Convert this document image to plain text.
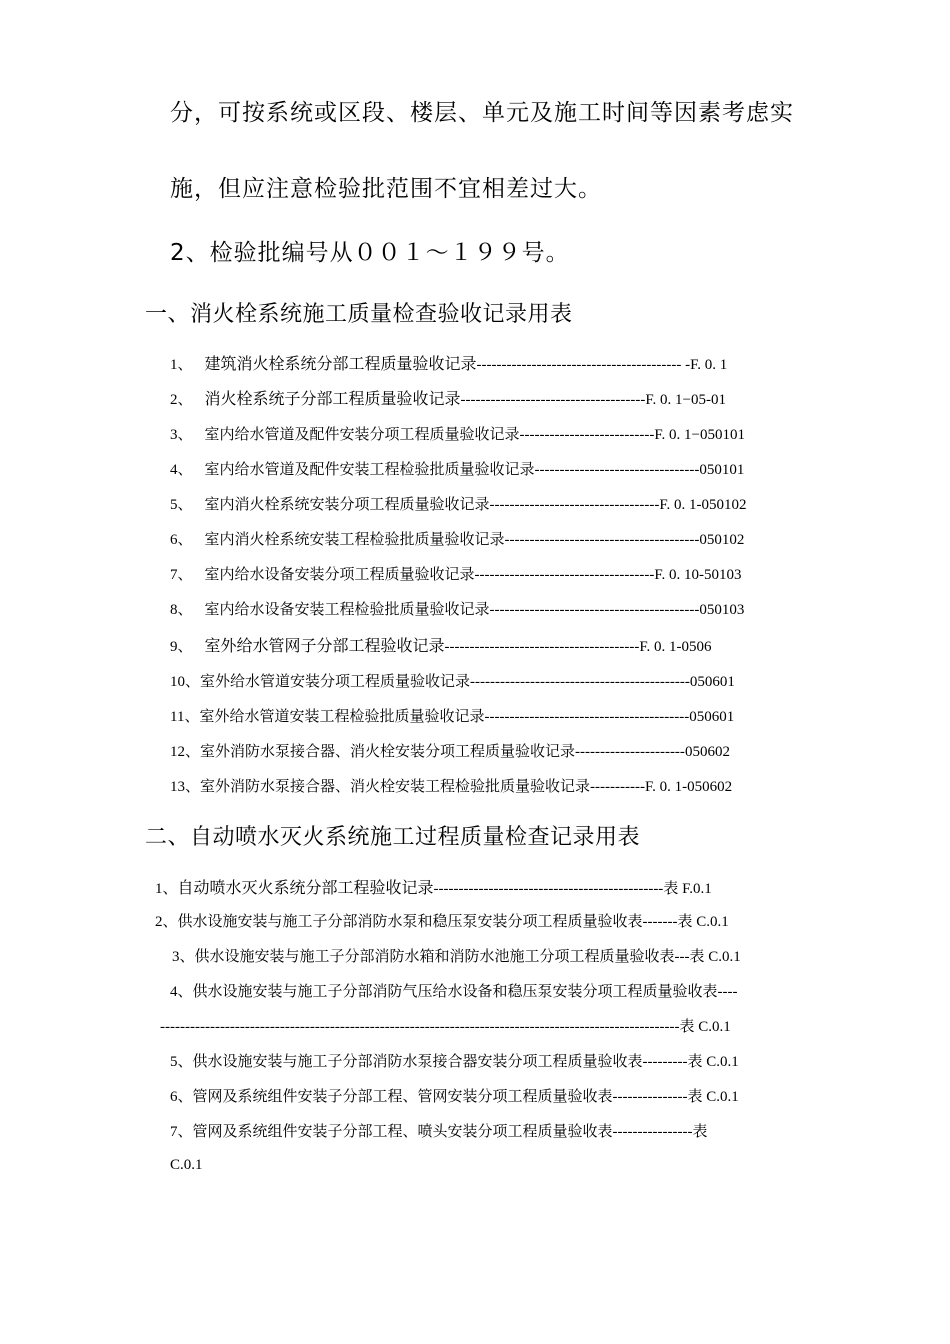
分，可按系统或区段、楼层、单元及施工时间等因素考虑实
施，但应注意检验批范围不宜相差过大。
2、检验批编号从００１～１９９号。
一、消火栓系统施工质量检查验收记录用表
1、 建筑消火栓系统分部工程质量验收记录----------------------------------------- -F. 0. 1
2、 消火栓系统子分部工程质量验收记录-------------------------------------F. 0. 1−05-01
3、 室内给水管道及配件安装分项工程质量验收记录---------------------------F. 0. 1−050101
4、 室内给水管道及配件安装工程检验批质量验收记录---------------------------------050101
5、 室内消火栓系统安装分项工程质量验收记录----------------------------------F. 0. 1-050102
6、 室内消火栓系统安装工程检验批质量验收记录---------------------------------------050102
7、 室内给水设备安装分项工程质量验收记录------------------------------------F. 0. 10-50103
8、 室内给水设备安装工程检验批质量验收记录------------------------------------------050103
9、 室外给水管网子分部工程验收记录---------------------------------------F. 0. 1-0506
10、室外给水管道安装分项工程质量验收记录--------------------------------------------050601
11、室外给水管道安装工程检验批质量验收记录-----------------------------------------050601
12、室外消防水泵接合器、消火栓安装分项工程质量验收记录----------------------050602
13、室外消防水泵接合器、消火栓安装工程检验批质量验收记录-----------F. 0. 1-050602
二、自动喷水灭火系统施工过程质量检查记录用表
1、自动喷水灭火系统分部工程验收记录----------------------------------------------表 F.0.1
2、供水设施安装与施工子分部消防水泵和稳压泵安装分项工程质量验收表-------表 C.0.1
3、供水设施安装与施工子分部消防水箱和消防水池施工分项工程质量验收表---表 C.0.1
4、供水设施安装与施工子分部消防气压给水设备和稳压泵安装分项工程质量验收表----
--------------------------------------------------------------------------------------------------------表 C.0.1
5、供水设施安装与施工子分部消防水泵接合器安装分项工程质量验收表---------表 C.0.1
6、管网及系统组件安装子分部工程、管网安装分项工程质量验收表---------------表 C.0.1
7、管网及系统组件安装子分部工程、喷头安装分项工程质量验收表----------------表
C.0.1
